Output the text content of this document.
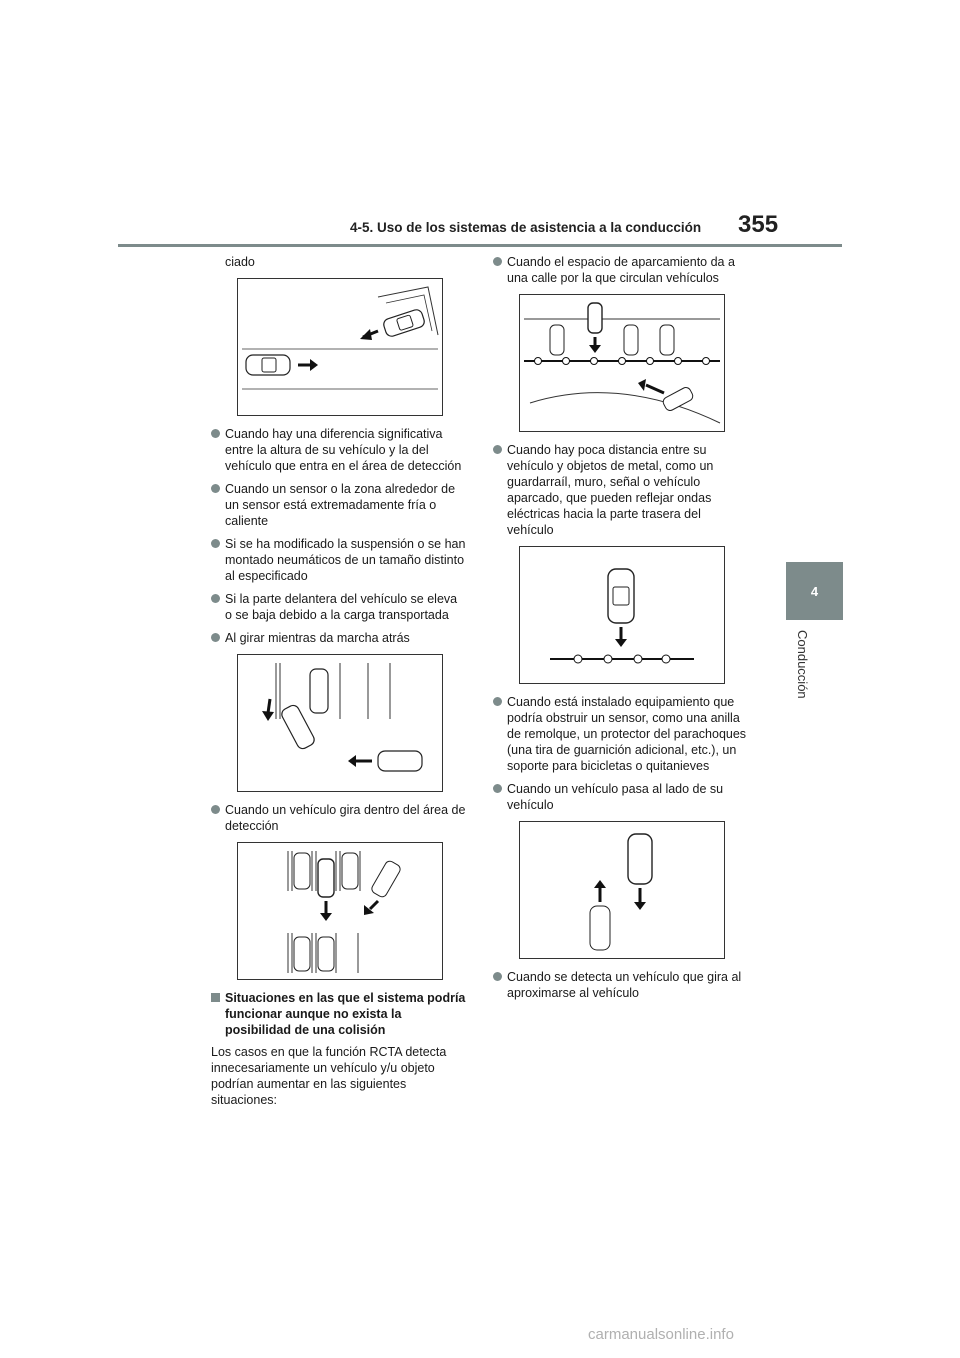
4-5. Uso de los sistemas de asistencia a la conducción 355
4
Conducción

ciado

Cuando hay una diferencia significativa entre la altura de su vehículo y la del vehículo que entra en el área de detección
Cuando un sensor o la zona alrededor de un sensor está extremadamente fría o caliente
Si se ha modificado la suspensión o se han montado neumáticos de un tamaño distinto al especificado
Si la parte delantera del vehículo se eleva o se baja debido a la carga transportada
Al girar mientras da marcha atrás
Cuando un vehículo gira dentro del área de detección
Situaciones en las que el sistema podría funcionar aunque no exista la posibilidad de una colisión

Los casos en que la función RCTA detecta innecesariamente un vehículo y/u objeto podrían aumentar en las siguientes situaciones:

Cuando el espacio de aparcamiento da a una calle por la que circulan vehículos
Cuando hay poca distancia entre su vehículo y objetos de metal, como un guardarraíl, muro, señal o vehículo aparcado, que pueden reflejar ondas eléctricas hacia la parte trasera del vehículo
Cuando está instalado equipamiento que podría obstruir un sensor, como una anilla de remolque, un protector del parachoques (una tira de guarnición adicional, etc.), un soporte para bicicletas o quitanieves
Cuando un vehículo pasa al lado de su vehículo
Cuando se detecta un vehículo que gira al aproximarse al vehículo
carmanualsonline.info
